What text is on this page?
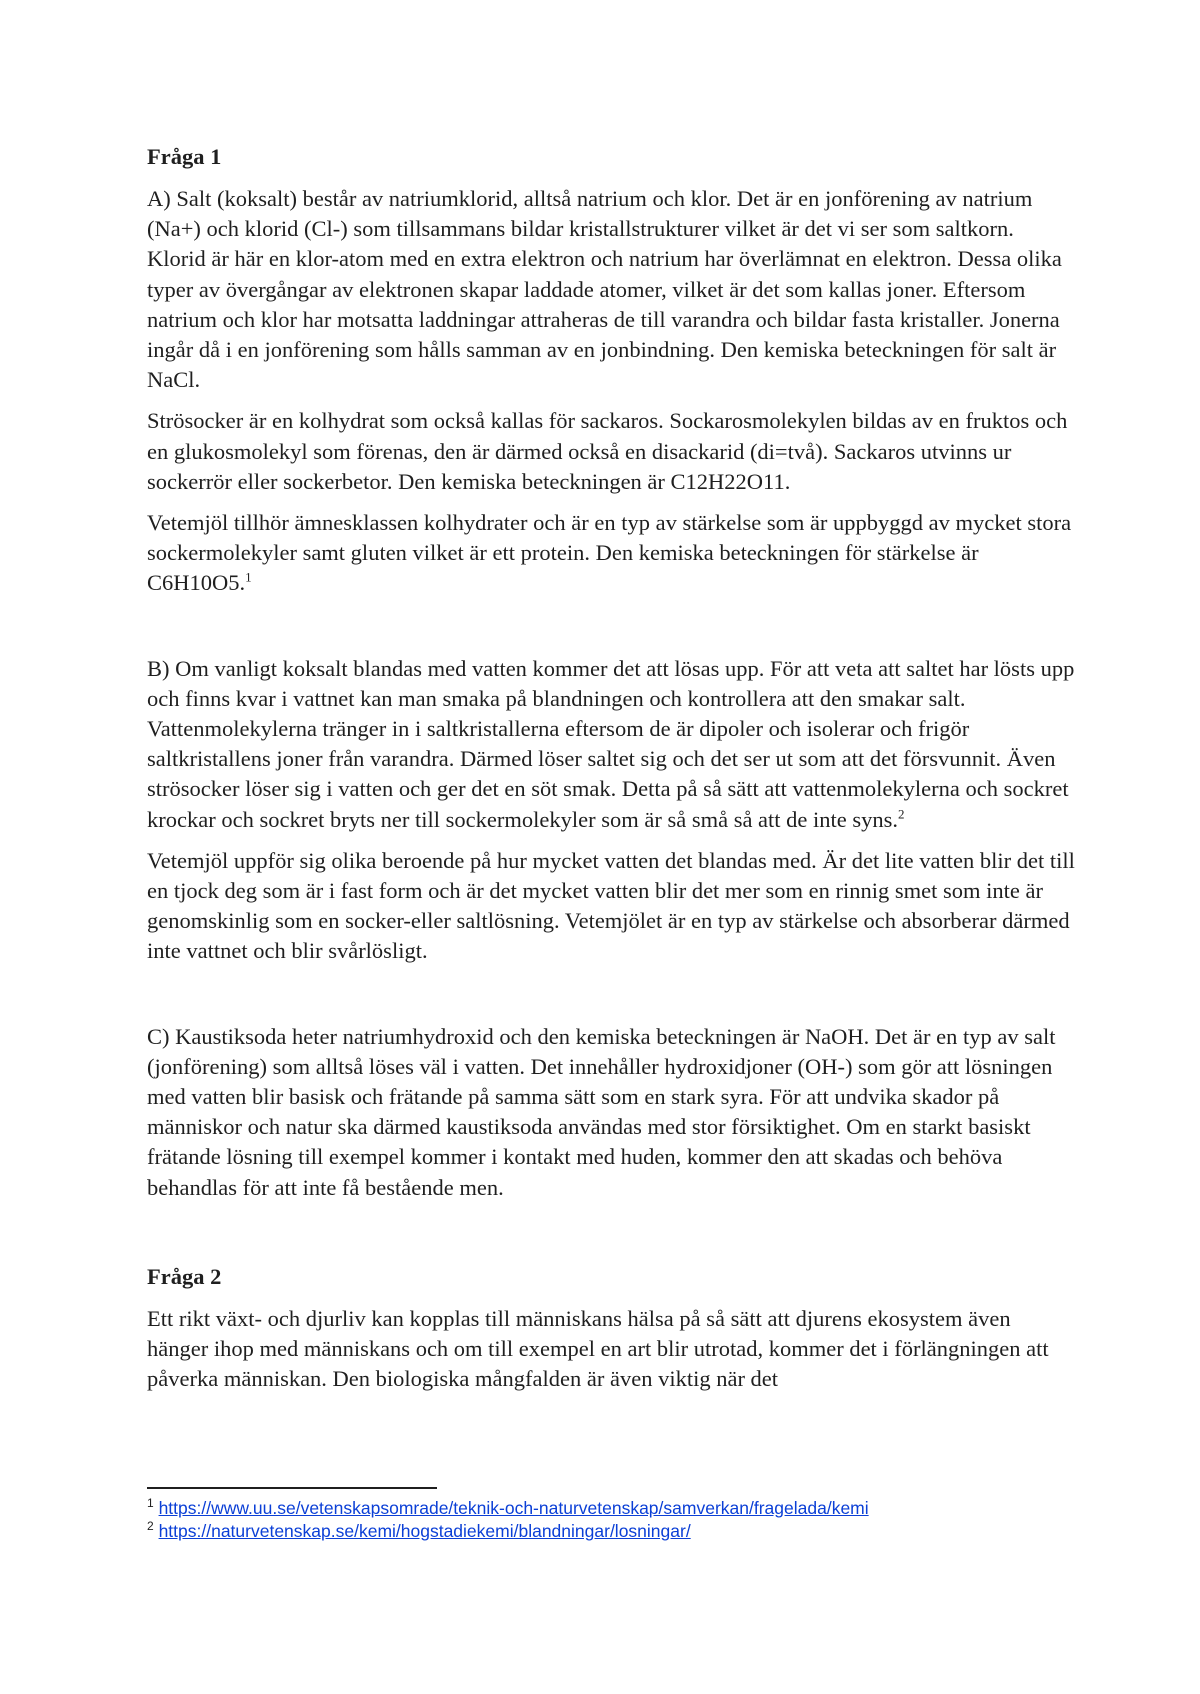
Fråga 1

A) Salt (koksalt) består av natriumklorid, alltså natrium och klor. Det är en jonförening av natrium (Na+) och klorid (Cl-) som tillsammans bildar kristallstrukturer vilket är det vi ser som saltkorn. Klorid är här en klor-atom med en extra elektron och natrium har överlämnat en elektron. Dessa olika typer av övergångar av elektronen skapar laddade atomer, vilket är det som kallas joner. Eftersom natrium och klor har motsatta laddningar attraheras de till varandra och bildar fasta kristaller. Jonerna ingår då i en jonförening som hålls samman av en jonbindning. Den kemiska beteckningen för salt är NaCl.

Strösocker är en kolhydrat som också kallas för sackaros. Sockarosmolekylen bildas av en fruktos och en glukosmolekyl som förenas, den är därmed också en disackarid (di=två). Sackaros utvinns ur sockerrör eller sockerbetor. Den kemiska beteckningen är C12H22O11.

Vetemjöl tillhör ämnesklassen kolhydrater och är en typ av stärkelse som är uppbyggd av mycket stora sockermolekyler samt gluten vilket är ett protein. Den kemiska beteckningen för stärkelse är C6H10O5.$^1$

B) Om vanligt koksalt blandas med vatten kommer det att lösas upp. För att veta att saltet har lösts upp och finns kvar i vattnet kan man smaka på blandningen och kontrollera att den smakar salt. Vattenmolekylerna tränger in i saltkristallerna eftersom de är dipoler och isolerar och frigör saltkristallens joner från varandra. Därmed löser saltet sig och det ser ut som att det försvunnit. Även strösocker löser sig i vatten och ger det en söt smak. Detta på så sätt att vattenmolekylerna och sockret krockar och sockret bryts ner till sockermolekyler som är så små så att de inte syns.$^2$

Vetemjöl uppför sig olika beroende på hur mycket vatten det blandas med. Är det lite vatten blir det till en tjock deg som är i fast form och är det mycket vatten blir det mer som en rinnig smet som inte är genomskinlig som en socker-eller saltlösning. Vetemjölet är en typ av stärkelse och absorberar därmed inte vattnet och blir svårlösligt.

C) Kaustiksoda heter natriumhydroxid och den kemiska beteckningen är NaOH. Det är en typ av salt (jonförening) som alltså löses väl i vatten. Det innehåller hydroxidjoner (OH-) som gör att lösningen med vatten blir basisk och frätande på samma sätt som en stark syra. För att undvika skador på människor och natur ska därmed kaustiksoda användas med stor försiktighet. Om en starkt basiskt frätande lösning till exempel kommer i kontakt med huden, kommer den att skadas och behöva behandlas för att inte få bestående men.

Fråga 2

Ett rikt växt- och djurliv kan kopplas till människans hälsa på så sätt att djurens ekosystem även hänger ihop med människans och om till exempel en art blir utrotad, kommer det i förlängningen att påverka människan. Den biologiska mångfalden är även viktig när det

$^1$ https://www.uu.se/vetenskapsomrade/teknik-och-naturvetenskap/samverkan/fragelada/kemi
$^2$ https://naturvetenskap.se/kemi/hogstadiekemi/blandningar/losningar/
